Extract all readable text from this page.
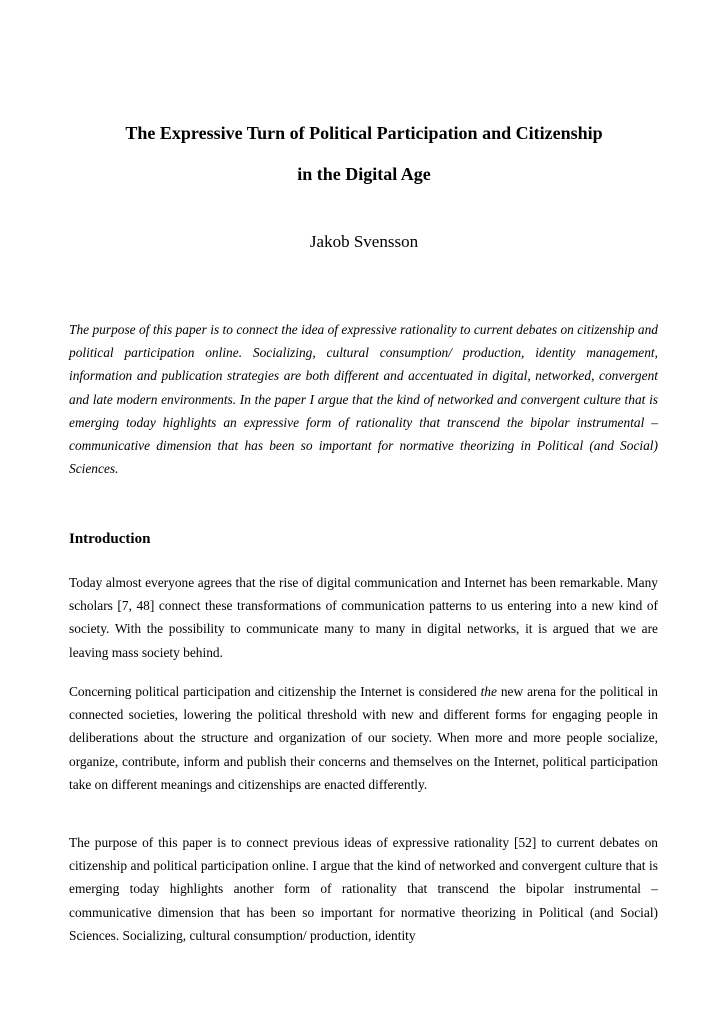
The Expressive Turn of Political Participation and Citizenship
in the Digital Age

Jakob Svensson

The purpose of this paper is to connect the idea of expressive rationality to current debates on citizenship and political participation online. Socializing, cultural consumption/ production, identity management, information and publication strategies are both different and accentuated in digital, networked, convergent and late modern environments. In the paper I argue that the kind of networked and convergent culture that is emerging today highlights an expressive form of rationality that transcend the bipolar instrumental – communicative dimension that has been so important for normative theorizing in Political (and Social) Sciences.

Introduction

Today almost everyone agrees that the rise of digital communication and Internet has been remarkable. Many scholars [7, 48] connect these transformations of communication patterns to us entering into a new kind of society. With the possibility to communicate many to many in digital networks, it is argued that we are leaving mass society behind.

Concerning political participation and citizenship the Internet is considered the new arena for the political in connected societies, lowering the political threshold with new and different forms for engaging people in deliberations about the structure and organization of our society. When more and more people socialize, organize, contribute, inform and publish their concerns and themselves on the Internet, political participation take on different meanings and citizenships are enacted differently.

The purpose of this paper is to connect previous ideas of expressive rationality [52] to current debates on citizenship and political participation online. I argue that the kind of networked and convergent culture that is emerging today highlights another form of rationality that transcend the bipolar instrumental – communicative dimension that has been so important for normative theorizing in Political (and Social) Sciences. Socializing, cultural consumption/ production, identity
